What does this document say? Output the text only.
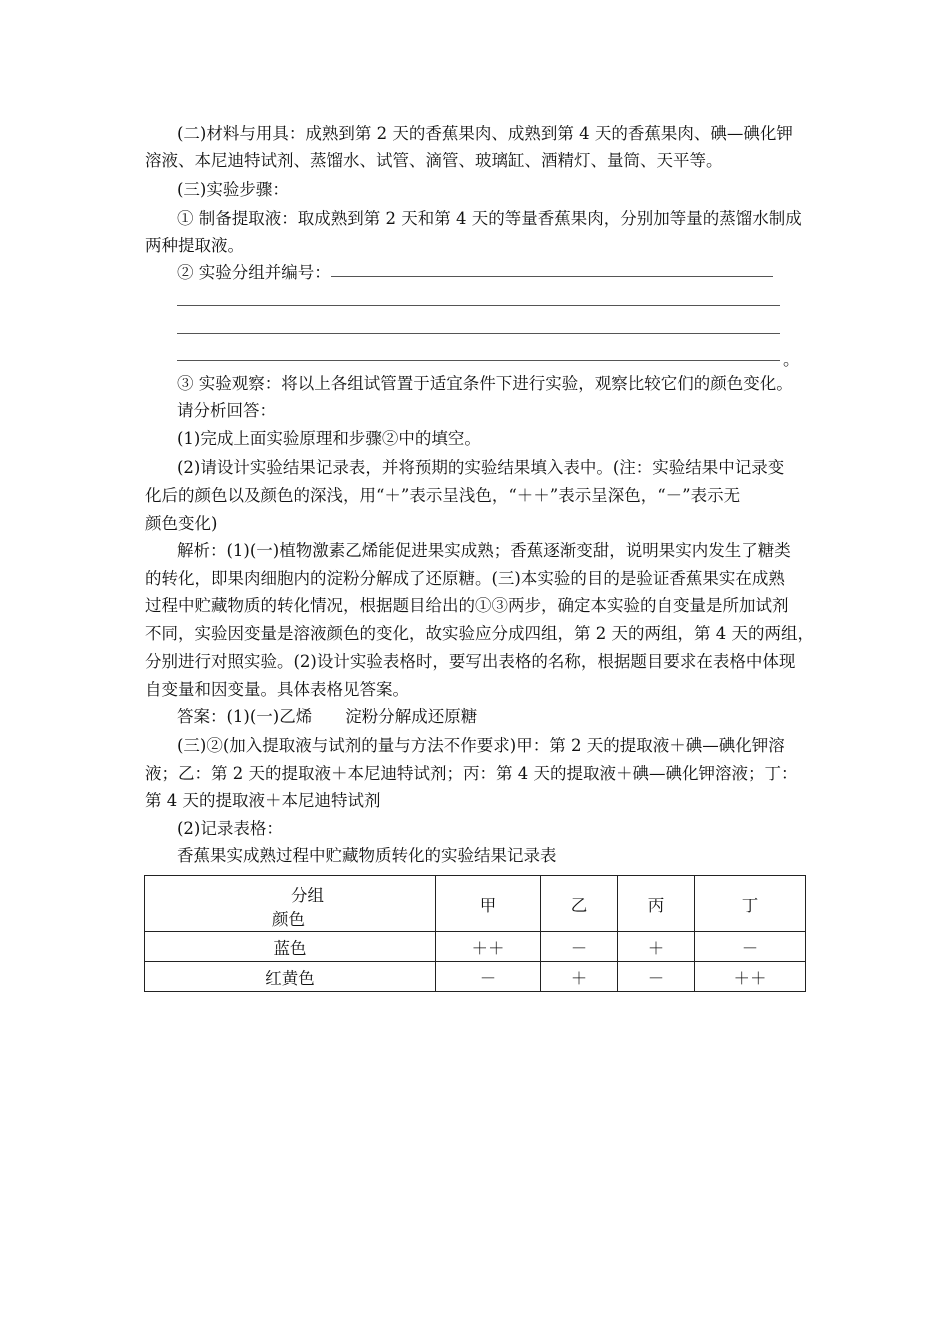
(二)材料与用具：成熟到第 2 天的香蕉果肉、成熟到第 4 天的香蕉果肉、碘—碘化钾
溶液、本尼迪特试剂、蒸馏水、试管、滴管、玻璃缸、酒精灯、量筒、天平等。
(三)实验步骤：
① 制备提取液：取成熟到第 2 天和第 4 天的等量香蕉果肉，分别加等量的蒸馏水制成
两种提取液。
② 实验分组并编号：
。
③ 实验观察：将以上各组试管置于适宜条件下进行实验，观察比较它们的颜色变化。
请分析回答：
(1)完成上面实验原理和步骤②中的填空。
(2)请设计实验结果记录表，并将预期的实验结果填入表中。(注：实验结果中记录变
化后的颜色以及颜色的深浅，用“＋”表示呈浅色，“＋＋”表示呈深色，“－”表示无
颜色变化)
解析：(1)(一)植物激素乙烯能促进果实成熟；香蕉逐渐变甜，说明果实内发生了糖类
的转化，即果肉细胞内的淀粉分解成了还原糖。(三)本实验的目的是验证香蕉果实在成熟
过程中贮藏物质的转化情况，根据题目给出的①③两步，确定本实验的自变量是所加试剂
不同，实验因变量是溶液颜色的变化，故实验应分成四组，第 2 天的两组，第 4 天的两组，
分别进行对照实验。(2)设计实验表格时，要写出表格的名称，根据题目要求在表格中体现
自变量和因变量。具体表格见答案。
答案：(1)(一)乙烯　　淀粉分解成还原糖
(三)②(加入提取液与试剂的量与方法不作要求)甲：第 2 天的提取液＋碘—碘化钾溶
液；乙：第 2 天的提取液＋本尼迪特试剂；丙：第 4 天的提取液＋碘—碘化钾溶液；丁：
第 4 天的提取液＋本尼迪特试剂
(2)记录表格：
香蕉果实成熟过程中贮藏物质转化的实验结果记录表
分组
颜色	甲	乙	丙	丁
蓝色	＋＋	－	＋	－
红黄色	－	＋	－	＋＋
